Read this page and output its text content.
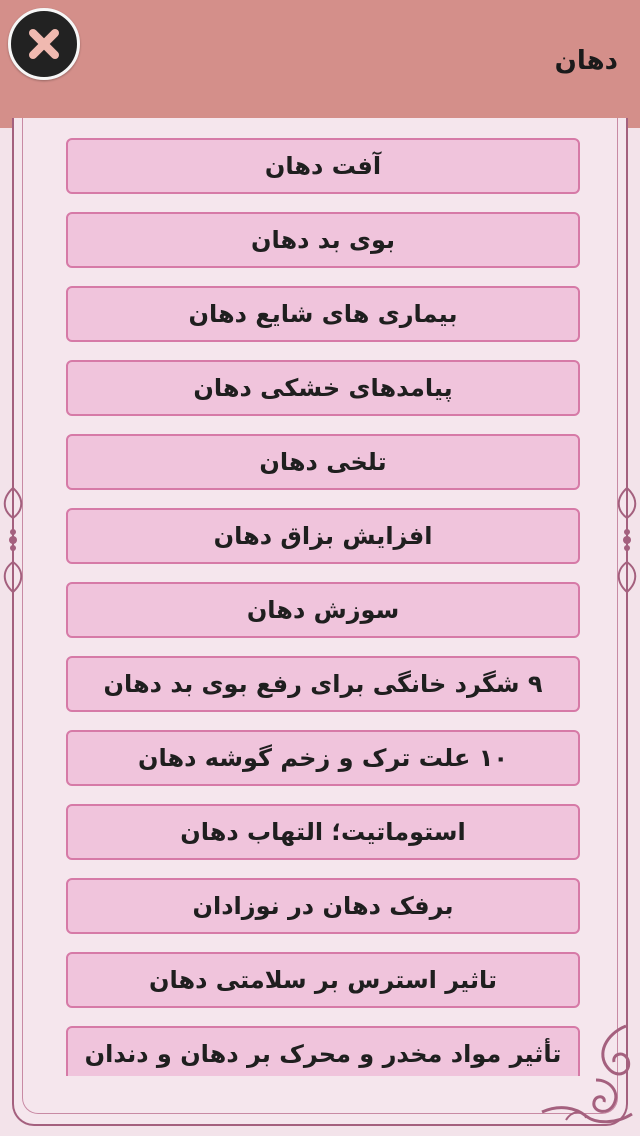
دهان
آفت دهان
بوی بد دهان
بیماری های شایع دهان
پیامدهای خشکی دهان
تلخی دهان
افزایش بزاق دهان
سوزش دهان
۹ شگرد خانگی برای رفع بوی بد دهان
۱۰ علت ترک و زخم گوشه دهان
استوماتیت؛ التهاب دهان
برفک دهان در نوزادان
تاثیر استرس بر سلامتی دهان
تأثیر مواد مخدر و محرک بر دهان و دندان
